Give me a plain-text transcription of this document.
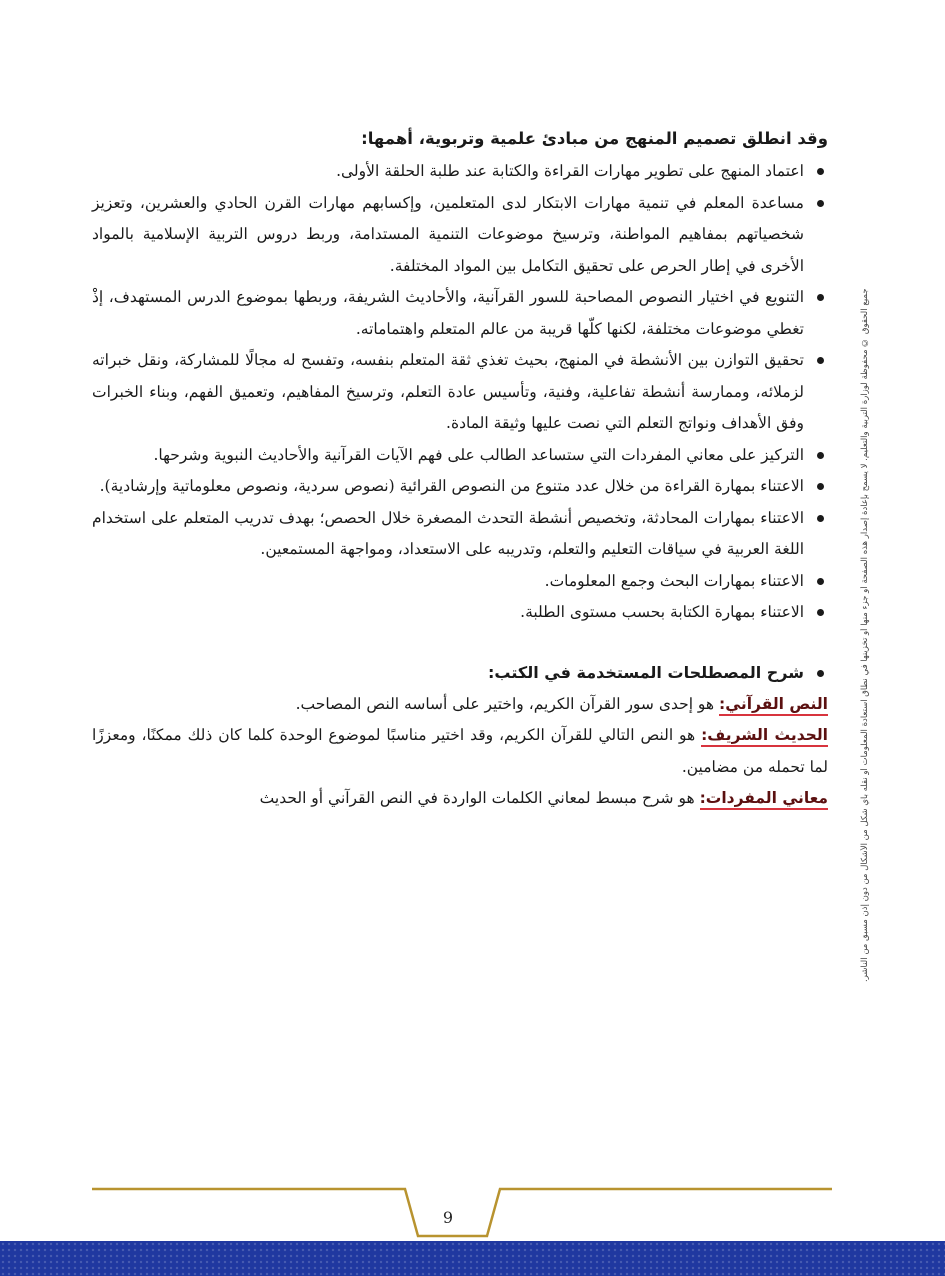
جميع الحقوق © محفوظة لوزارة التربية والتعليم. لا يسمح بإعادة إصدار هذه الصفحة أو جزء منها أو تخزينها في نطاق استعادة المعلومات أو نقله بأي شكل من الأشكال من دون إذن مسبق من الناشر.
وقد انطلق تصميم المنهج من مبادئ علمية وتربوية، أهمها:
اعتماد المنهج على تطوير مهارات القراءة والكتابة عند طلبة الحلقة الأولى.
مساعدة المعلم في تنمية مهارات الابتكار لدى المتعلمين، وإكسابهم مهارات القرن الحادي والعشرين، وتعزيز شخصياتهم بمفاهيم المواطنة، وترسيخ موضوعات التنمية المستدامة، وربط دروس التربية الإسلامية بالمواد الأخرى في إطار الحرص على تحقيق التكامل بين المواد المختلفة.
التنويع في اختيار النصوص المصاحبة للسور القرآنية، والأحاديث الشريفة، وربطها بموضوع الدرس المستهدف، إذْ تغطي موضوعات مختلفة، لكنها كلّها قريبة من عالم المتعلم واهتماماته.
تحقيق التوازن بين الأنشطة في المنهج، بحيث تغذي ثقة المتعلم بنفسه، وتفسح له مجالًا للمشاركة، ونقل خبراته لزملائه، وممارسة أنشطة تفاعلية، وفنية، وتأسيس عادة التعلم، وترسيخ المفاهيم، وتعميق الفهم، وبناء الخبرات وفق الأهداف ونواتج التعلم التي نصت عليها وثيقة المادة.
التركيز على معاني المفردات التي ستساعد الطالب على فهم الآيات القرآنية والأحاديث النبوية وشرحها.
الاعتناء بمهارة القراءة من خلال عدد متنوع من النصوص القرائية (نصوص سردية، ونصوص معلوماتية وإرشادية).
الاعتناء بمهارات المحادثة، وتخصيص أنشطة التحدث المصغرة خلال الحصص؛ بهدف تدريب المتعلم على استخدام اللغة العربية في سياقات التعليم والتعلم، وتدريبه على الاستعداد، ومواجهة المستمعين.
الاعتناء بمهارات البحث وجمع المعلومات.
الاعتناء بمهارة الكتابة بحسب مستوى الطلبة.
شرح المصطلحات المستخدمة في الكتب:

النص القرآني: هو إحدى سور القرآن الكريم، واختير على أساسه النص المصاحب.

الحديث الشريف: هو النص التالي للقرآن الكريم، وقد اختير مناسبًا لموضوع الوحدة كلما كان ذلك ممكنًا، ومعززًا لما تحمله من مضامين.

معاني المفردات: هو شرح مبسط لمعاني الكلمات الواردة في النص القرآني أو الحديث

9
